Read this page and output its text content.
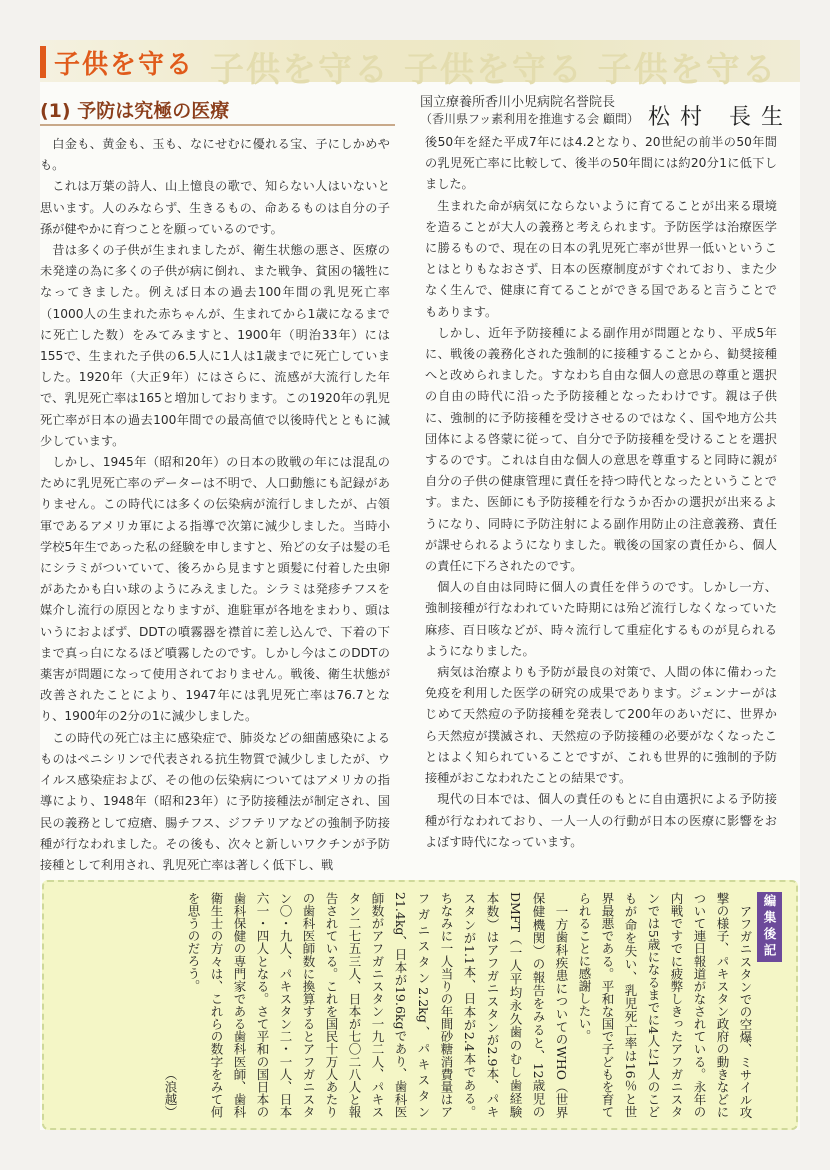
子供を守る 子供を守る 子供を守る
子供を守る
(1) 予防は究極の医療	国立療養所香川小児病院名誉院長
（香川県フッ素利用を推進する会 顧問） 松村 長生

白金も、黄金も、玉も、なにせむに優れる宝、子にしかめやも。

これは万葉の詩人、山上憶良の歌で、知らない人はいないと思います。人のみならず、生きるもの、命あるものは自分の子孫が健やかに育つことを願っているのです。

昔は多くの子供が生まれましたが、衛生状態の悪さ、医療の未発達の為に多くの子供が病に倒れ、また戦争、貧困の犠牲になってきました。例えば日本の過去100年間の乳児死亡率（1000人の生まれた赤ちゃんが、生まれてから1歳になるまでに死亡した数）をみてみますと、1900年（明治33年）には155で、生まれた子供の6.5人に1人は1歳までに死亡していました。1920年（大正9年）にはさらに、流感が大流行した年で、乳児死亡率は165と増加しております。この1920年の乳児死亡率が日本の過去100年間での最高値で以後時代とともに減少しています。

しかし、1945年（昭和20年）の日本の敗戦の年には混乱のために乳児死亡率のデーターは不明で、人口動態にも記録がありません。この時代には多くの伝染病が流行しましたが、占領軍であるアメリカ軍による指導で次第に減少しました。当時小学校5年生であった私の経験を申しますと、殆どの女子は髪の毛にシラミがついていて、後ろから見ますと頭髪に付着した虫卵があたかも白い球のようにみえました。シラミは発疹チフスを媒介し流行の原因となりますが、進駐軍が各地をまわり、頭はいうにおよばず、DDTの噴霧器を襟首に差し込んで、下着の下まで真っ白になるほど噴霧したのです。しかし今はこのDDTの薬害が問題になって使用されておりません。戦後、衛生状態が改善されたことにより、1947年には乳児死亡率は76.7となり、1900年の2分の1に減少しました。

この時代の死亡は主に感染症で、肺炎などの細菌感染によるものはペニシリンで代表される抗生物質で減少しましたが、ウイルス感染症および、その他の伝染病についてはアメリカの指導により、1948年（昭和23年）に予防接種法が制定され、国民の義務として痘瘡、腸チフス、ジフテリアなどの強制予防接種が行なわれました。その後も、次々と新しいワクチンが予防接種として利用され、乳児死亡率は著しく低下し、戦

後50年を経た平成7年には4.2となり、20世紀の前半の50年間の乳児死亡率に比較して、後半の50年間には約20分1に低下しました。

生まれた命が病気にならないように育てることが出来る環境を造ることが大人の義務と考えられます。予防医学は治療医学に勝るもので、現在の日本の乳児死亡率が世界一低いということはとりもなおさず、日本の医療制度がすぐれており、また少なく生んで、健康に育てることができる国であると言うことでもあります。

しかし、近年予防接種による副作用が問題となり、平成5年に、戦後の義務化された強制的に接種することから、勧奨接種へと改められました。すなわち自由な個人の意思の尊重と選択の自由の時代に沿った予防接種となったわけです。親は子供に、強制的に予防接種を受けさせるのではなく、国や地方公共団体による啓蒙に従って、自分で予防接種を受けることを選択するのです。これは自由な個人の意思を尊重すると同時に親が自分の子供の健康管理に責任を持つ時代となったということです。また、医師にも予防接種を行なうか否かの選択が出来るようになり、同時に予防注射による副作用防止の注意義務、責任が課せられるようになりました。戦後の国家の責任から、個人の責任に下ろされたのです。

個人の自由は同時に個人の責任を伴うのです。しかし一方、強制接種が行なわれていた時期には殆ど流行しなくなっていた麻疹、百日咳などが、時々流行して重症化するものが見られるようになりました。

病気は治療よりも予防が最良の対策で、人間の体に備わった免疫を利用した医学の研究の成果であります。ジェンナーがはじめて天然痘の予防接種を発表して200年のあいだに、世界から天然痘が撲滅され、天然痘の予防接種の必要がなくなったことはよく知られていることですが、これも世界的に強制的予防接種がおこなわれたことの結果です。

現代の日本では、個人の責任のもとに自由選択による予防接種が行なわれており、一人一人の行動が日本の医療に影響をおよぼす時代になっています。

編集後記

アフガニスタンでの空爆、ミサイル攻撃の様子、パキスタン政府の動きなどについて連日報道がなされている。永年の内戦ですでに疲弊しきったアフガニスタンでは5歳になるまでに4人に1人のこどもが命を失い、乳児死亡率は16％と世界最悪である。平和な国で子どもを育てられることに感謝したい。

一方歯科疾患についてのWHO（世界保健機関）の報告をみると、12歳児のDMFT（一人平均永久歯のむし歯経験本数）はアフガニスタンが2.9本、パキスタンが1.1本、日本が2.4本である。ちなみに一人当りの年間砂糖消費量はアフガニスタン2.2kg、パキスタン21.4kg、日本が19.6kgであり、歯科医師数がアフガニスタン一九二人、パキスタン二七五三人、日本が七〇二八人と報告されている。これを国民十万人あたりの歯科医師数に換算するとアフガニスタン〇・九人、パキスタン二・一人、日本六一・四人となる。さて平和の国日本の歯科保健の専門家である歯科医師、歯科衛生士の方々は、これらの数字をみて何を思うのだろう。

（浪越）
